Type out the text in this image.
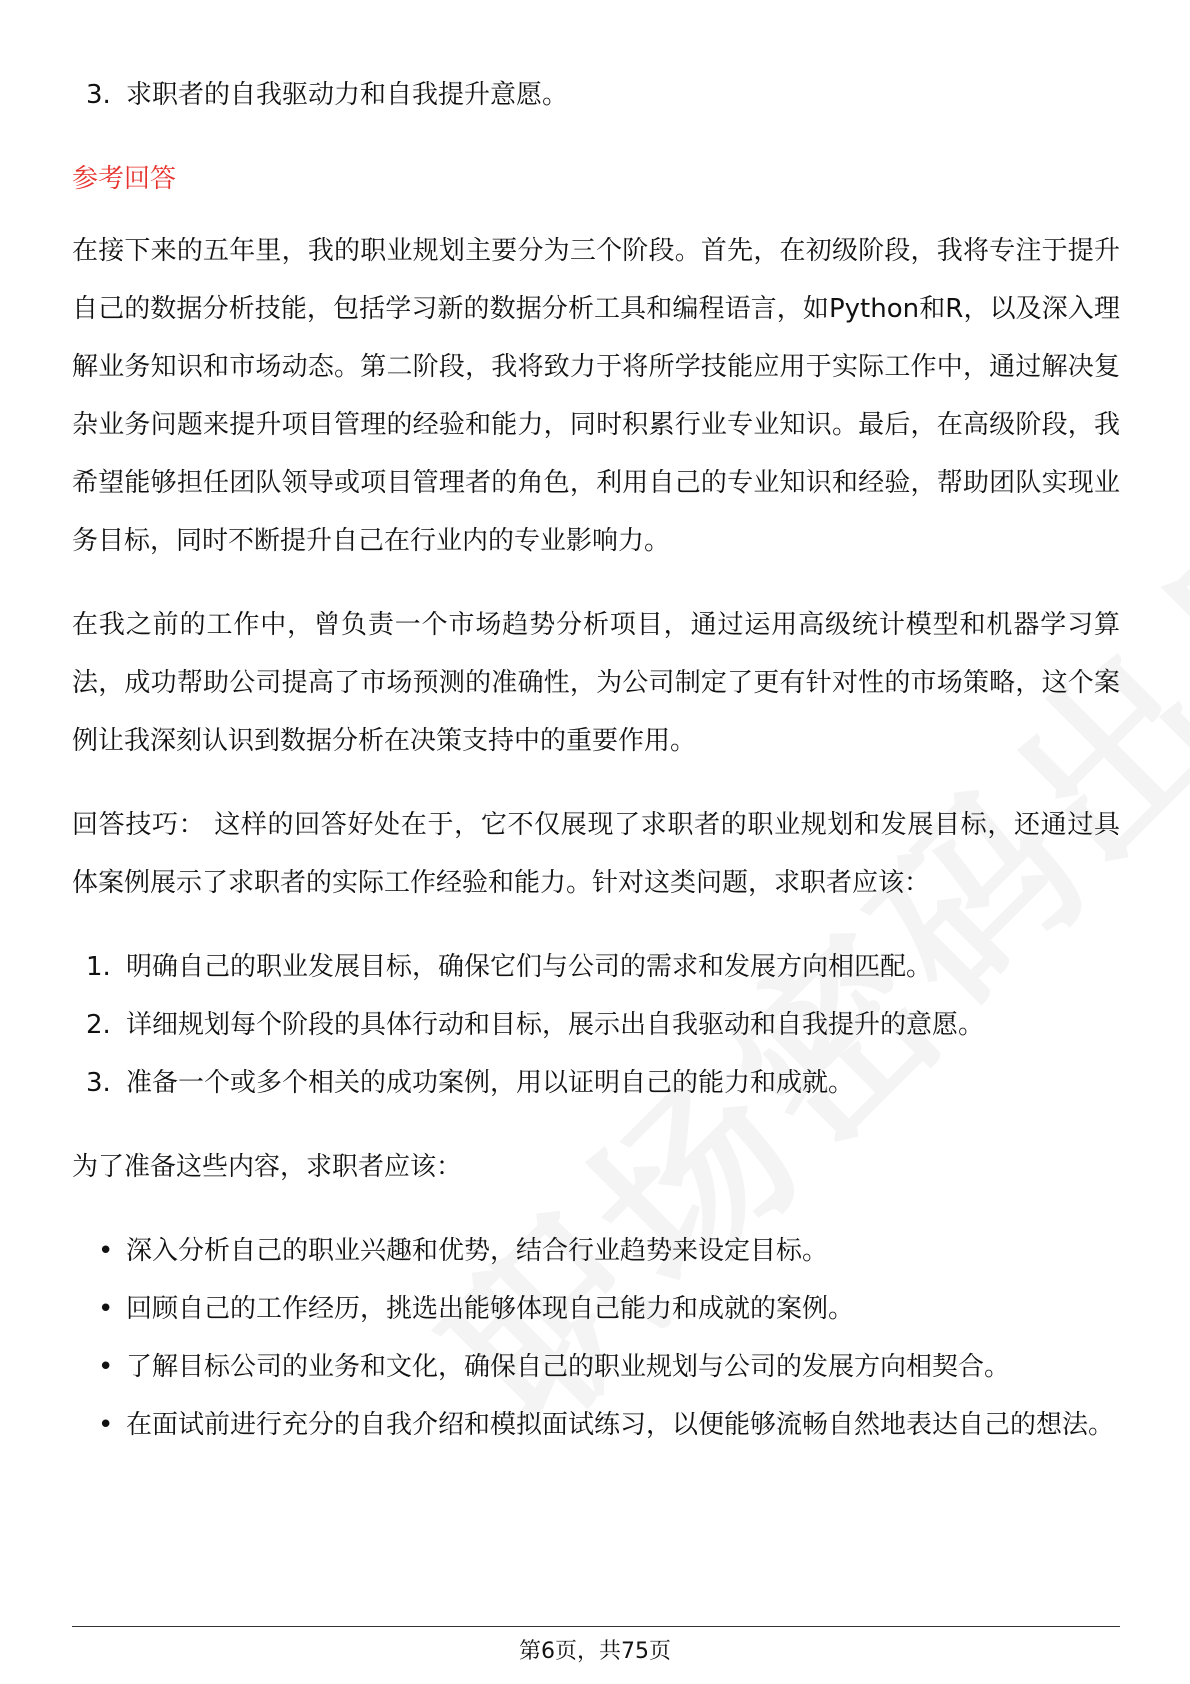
3. 求职者的自我驱动力和自我提升意愿。
参考回答

在接下来的五年里，我的职业规划主要分为三个阶段。首先，在初级阶段，我将专注于提升自己的数据分析技能，包括学习新的数据分析工具和编程语言，如Python和R，以及深入理解业务知识和市场动态。第二阶段，我将致力于将所学技能应用于实际工作中，通过解决复杂业务问题来提升项目管理的经验和能力，同时积累行业专业知识。最后，在高级阶段，我希望能够担任团队领导或项目管理者的角色，利用自己的专业知识和经验，帮助团队实现业务目标，同时不断提升自己在行业内的专业影响力。

在我之前的工作中，曾负责一个市场趋势分析项目，通过运用高级统计模型和机器学习算法，成功帮助公司提高了市场预测的准确性，为公司制定了更有针对性的市场策略，这个案例让我深刻认识到数据分析在决策支持中的重要作用。

回答技巧： 这样的回答好处在于，它不仅展现了求职者的职业规划和发展目标，还通过具体案例展示了求职者的实际工作经验和能力。针对这类问题，求职者应该：

1. 明确自己的职业发展目标，确保它们与公司的需求和发展方向相匹配。
2. 详细规划每个阶段的具体行动和目标，展示出自我驱动和自我提升的意愿。
3. 准备一个或多个相关的成功案例，用以证明自己的能力和成就。

为了准备这些内容，求职者应该：

• 深入分析自己的职业兴趣和优势，结合行业趋势来设定目标。
• 回顾自己的工作经历，挑选出能够体现自己能力和成就的案例。
• 了解目标公司的业务和文化，确保自己的职业规划与公司的发展方向相契合。
• 在面试前进行充分的自我介绍和模拟面试练习，以便能够流畅自然地表达自己的想法。
第6页，共75页
